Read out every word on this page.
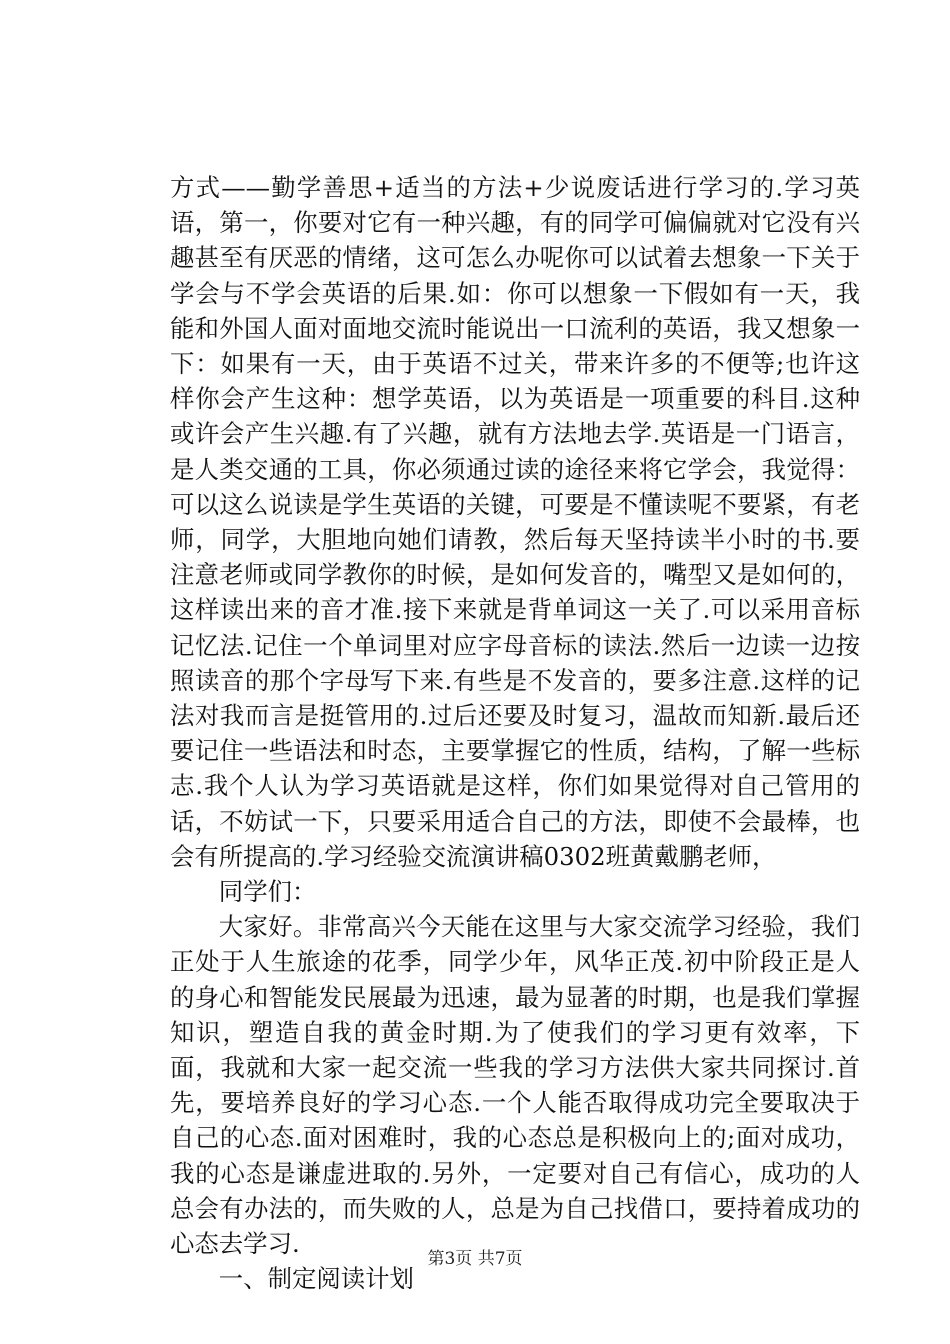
方式——勤学善思+适当的方法+少说废话进行学习的.学习英语，第一，你要对它有一种兴趣，有的同学可偏偏就对它没有兴趣甚至有厌恶的情绪，这可怎么办呢你可以试着去想象一下关于学会与不学会英语的后果.如：你可以想象一下假如有一天，我能和外国人面对面地交流时能说出一口流利的英语，我又想象一下：如果有一天，由于英语不过关，带来许多的不便等;也许这样你会产生这种：想学英语，以为英语是一项重要的科目.这种或许会产生兴趣.有了兴趣，就有方法地去学.英语是一门语言，是人类交通的工具，你必须通过读的途径来将它学会，我觉得：可以这么说读是学生英语的关键，可要是不懂读呢不要紧，有老师，同学，大胆地向她们请教，然后每天坚持读半小时的书.要注意老师或同学教你的时候，是如何发音的，嘴型又是如何的，这样读出来的音才准.接下来就是背单词这一关了.可以采用音标记忆法.记住一个单词里对应字母音标的读法.然后一边读一边按照读音的那个字母写下来.有些是不发音的，要多注意.这样的记法对我而言是挺管用的.过后还要及时复习，温故而知新.最后还要记住一些语法和时态，主要掌握它的性质，结构，了解一些标志.我个人认为学习英语就是这样，你们如果觉得对自己管用的话，不妨试一下，只要采用适合自己的方法，即使不会最棒，也会有所提高的.学习经验交流演讲稿0302班黄戴鹏老师，

同学们：

大家好。非常高兴今天能在这里与大家交流学习经验，我们正处于人生旅途的花季，同学少年，风华正茂.初中阶段正是人的身心和智能发民展最为迅速，最为显著的时期，也是我们掌握知识，塑造自我的黄金时期.为了使我们的学习更有效率，下面，我就和大家一起交流一些我的学习方法供大家共同探讨.首先，要培养良好的学习心态.一个人能否取得成功完全要取决于自己的心态.面对困难时，我的心态总是积极向上的;面对成功，我的心态是谦虚进取的.另外，一定要对自己有信心，成功的人总会有办法的，而失败的人，总是为自己找借口，要持着成功的心态去学习.

一、制定阅读计划

第3页 共7页
